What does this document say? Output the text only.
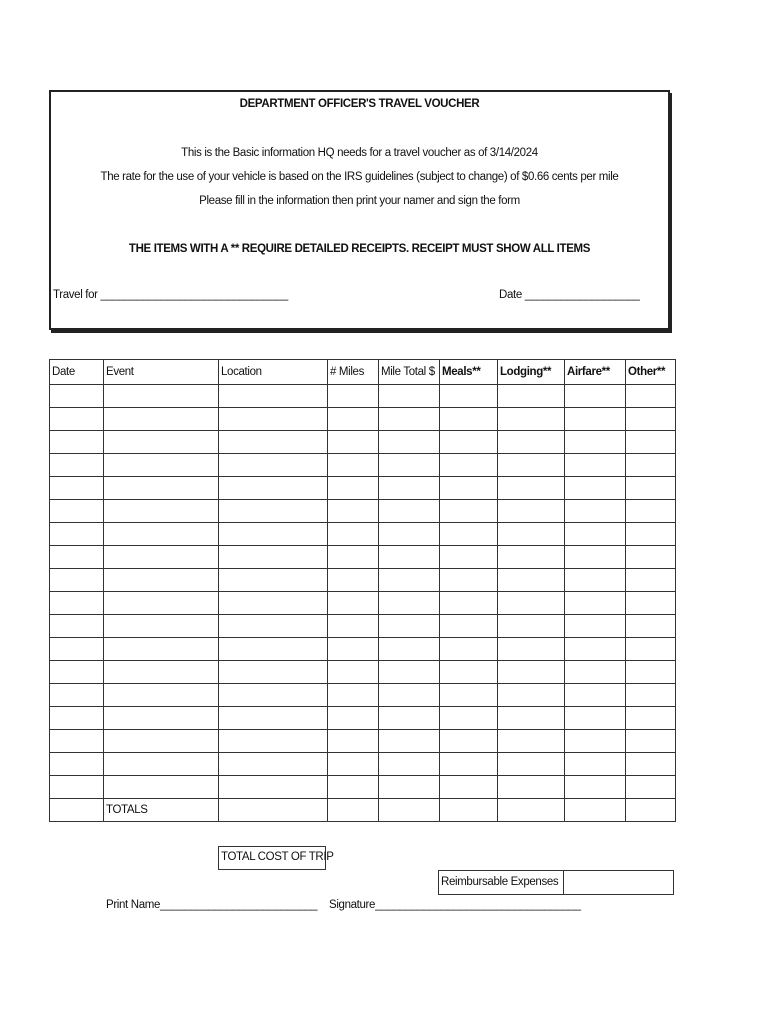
DEPARTMENT OFFICER'S TRAVEL VOUCHER
This is the Basic information HQ needs for a travel voucher as of 3/14/2024
The rate for the use of your vehicle is based on the IRS guidelines (subject to change) of $0.66 cents per mile
Please fill in the information then print your namer and sign the form
THE ITEMS WITH A ** REQUIRE DETAILED RECEIPTS. RECEIPT MUST SHOW ALL ITEMS
Travel for _______________________________	Date ___________________
Date	Event	Location	# Miles	Mile Total $	Meals**	Lodging**	Airfare**	Other**

	TOTALS							
TOTAL COST OF TRIP
Reimbursable Expenses
Print Name__________________________ Signature__________________________________
